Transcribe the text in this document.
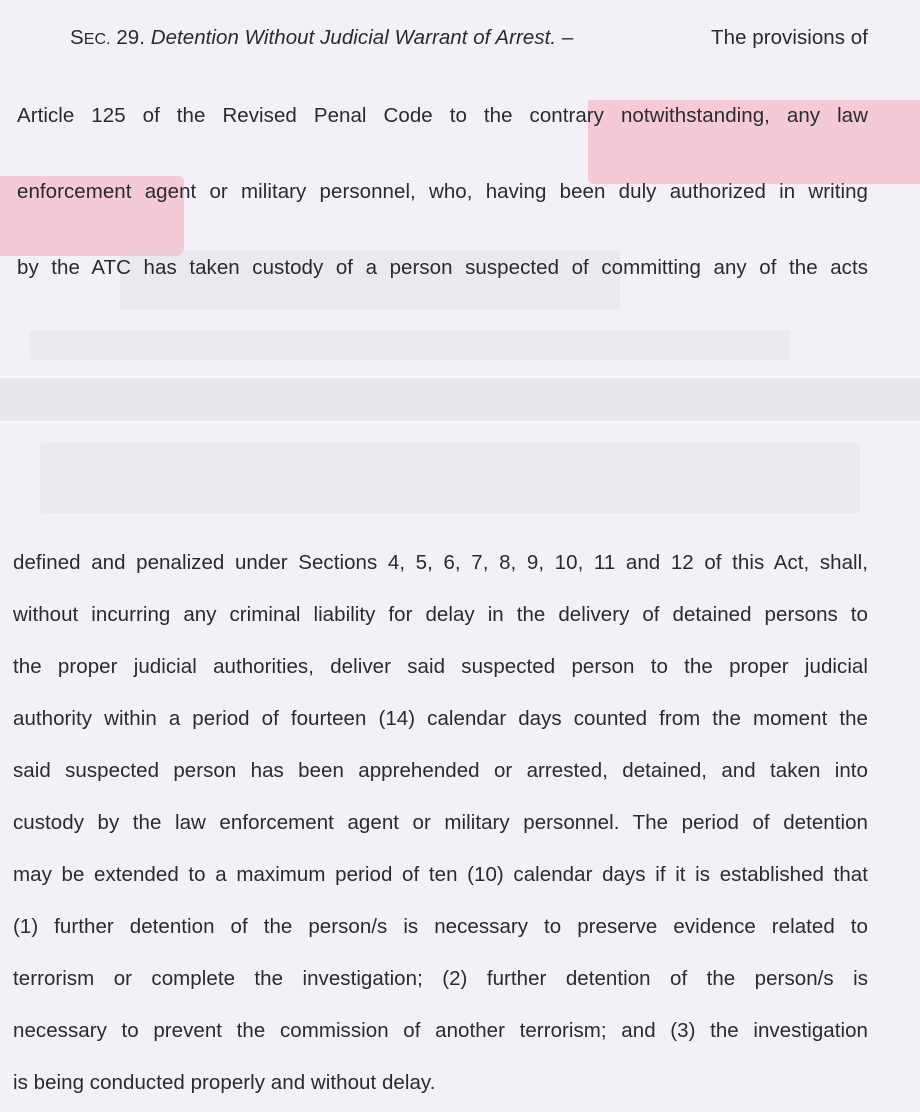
SEC. 29. Detention Without Judicial Warrant of Arrest. –	The provisions of
Article 125 of the Revised Penal Code to the contrary notwithstanding, any law
enforcement agent or military personnel, who, having been duly authorized in writing
by the ATC has taken custody of a person suspected of committing any of the acts
defined and penalized under Sections 4, 5, 6, 7, 8, 9, 10, 11 and 12 of this Act, shall,
without incurring any criminal liability for delay in the delivery of detained persons to
the proper judicial authorities, deliver said suspected person to the proper judicial
authority within a period of fourteen (14) calendar days counted from the moment the
said suspected person has been apprehended or arrested, detained, and taken into
custody by the law enforcement agent or military personnel. The period of detention
may be extended to a maximum period of ten (10) calendar days if it is established that
(1) further detention of the person/s is necessary to preserve evidence related to
terrorism or complete the investigation; (2) further detention of the person/s is
necessary to prevent the commission of another terrorism; and (3) the investigation
is being conducted properly and without delay.
